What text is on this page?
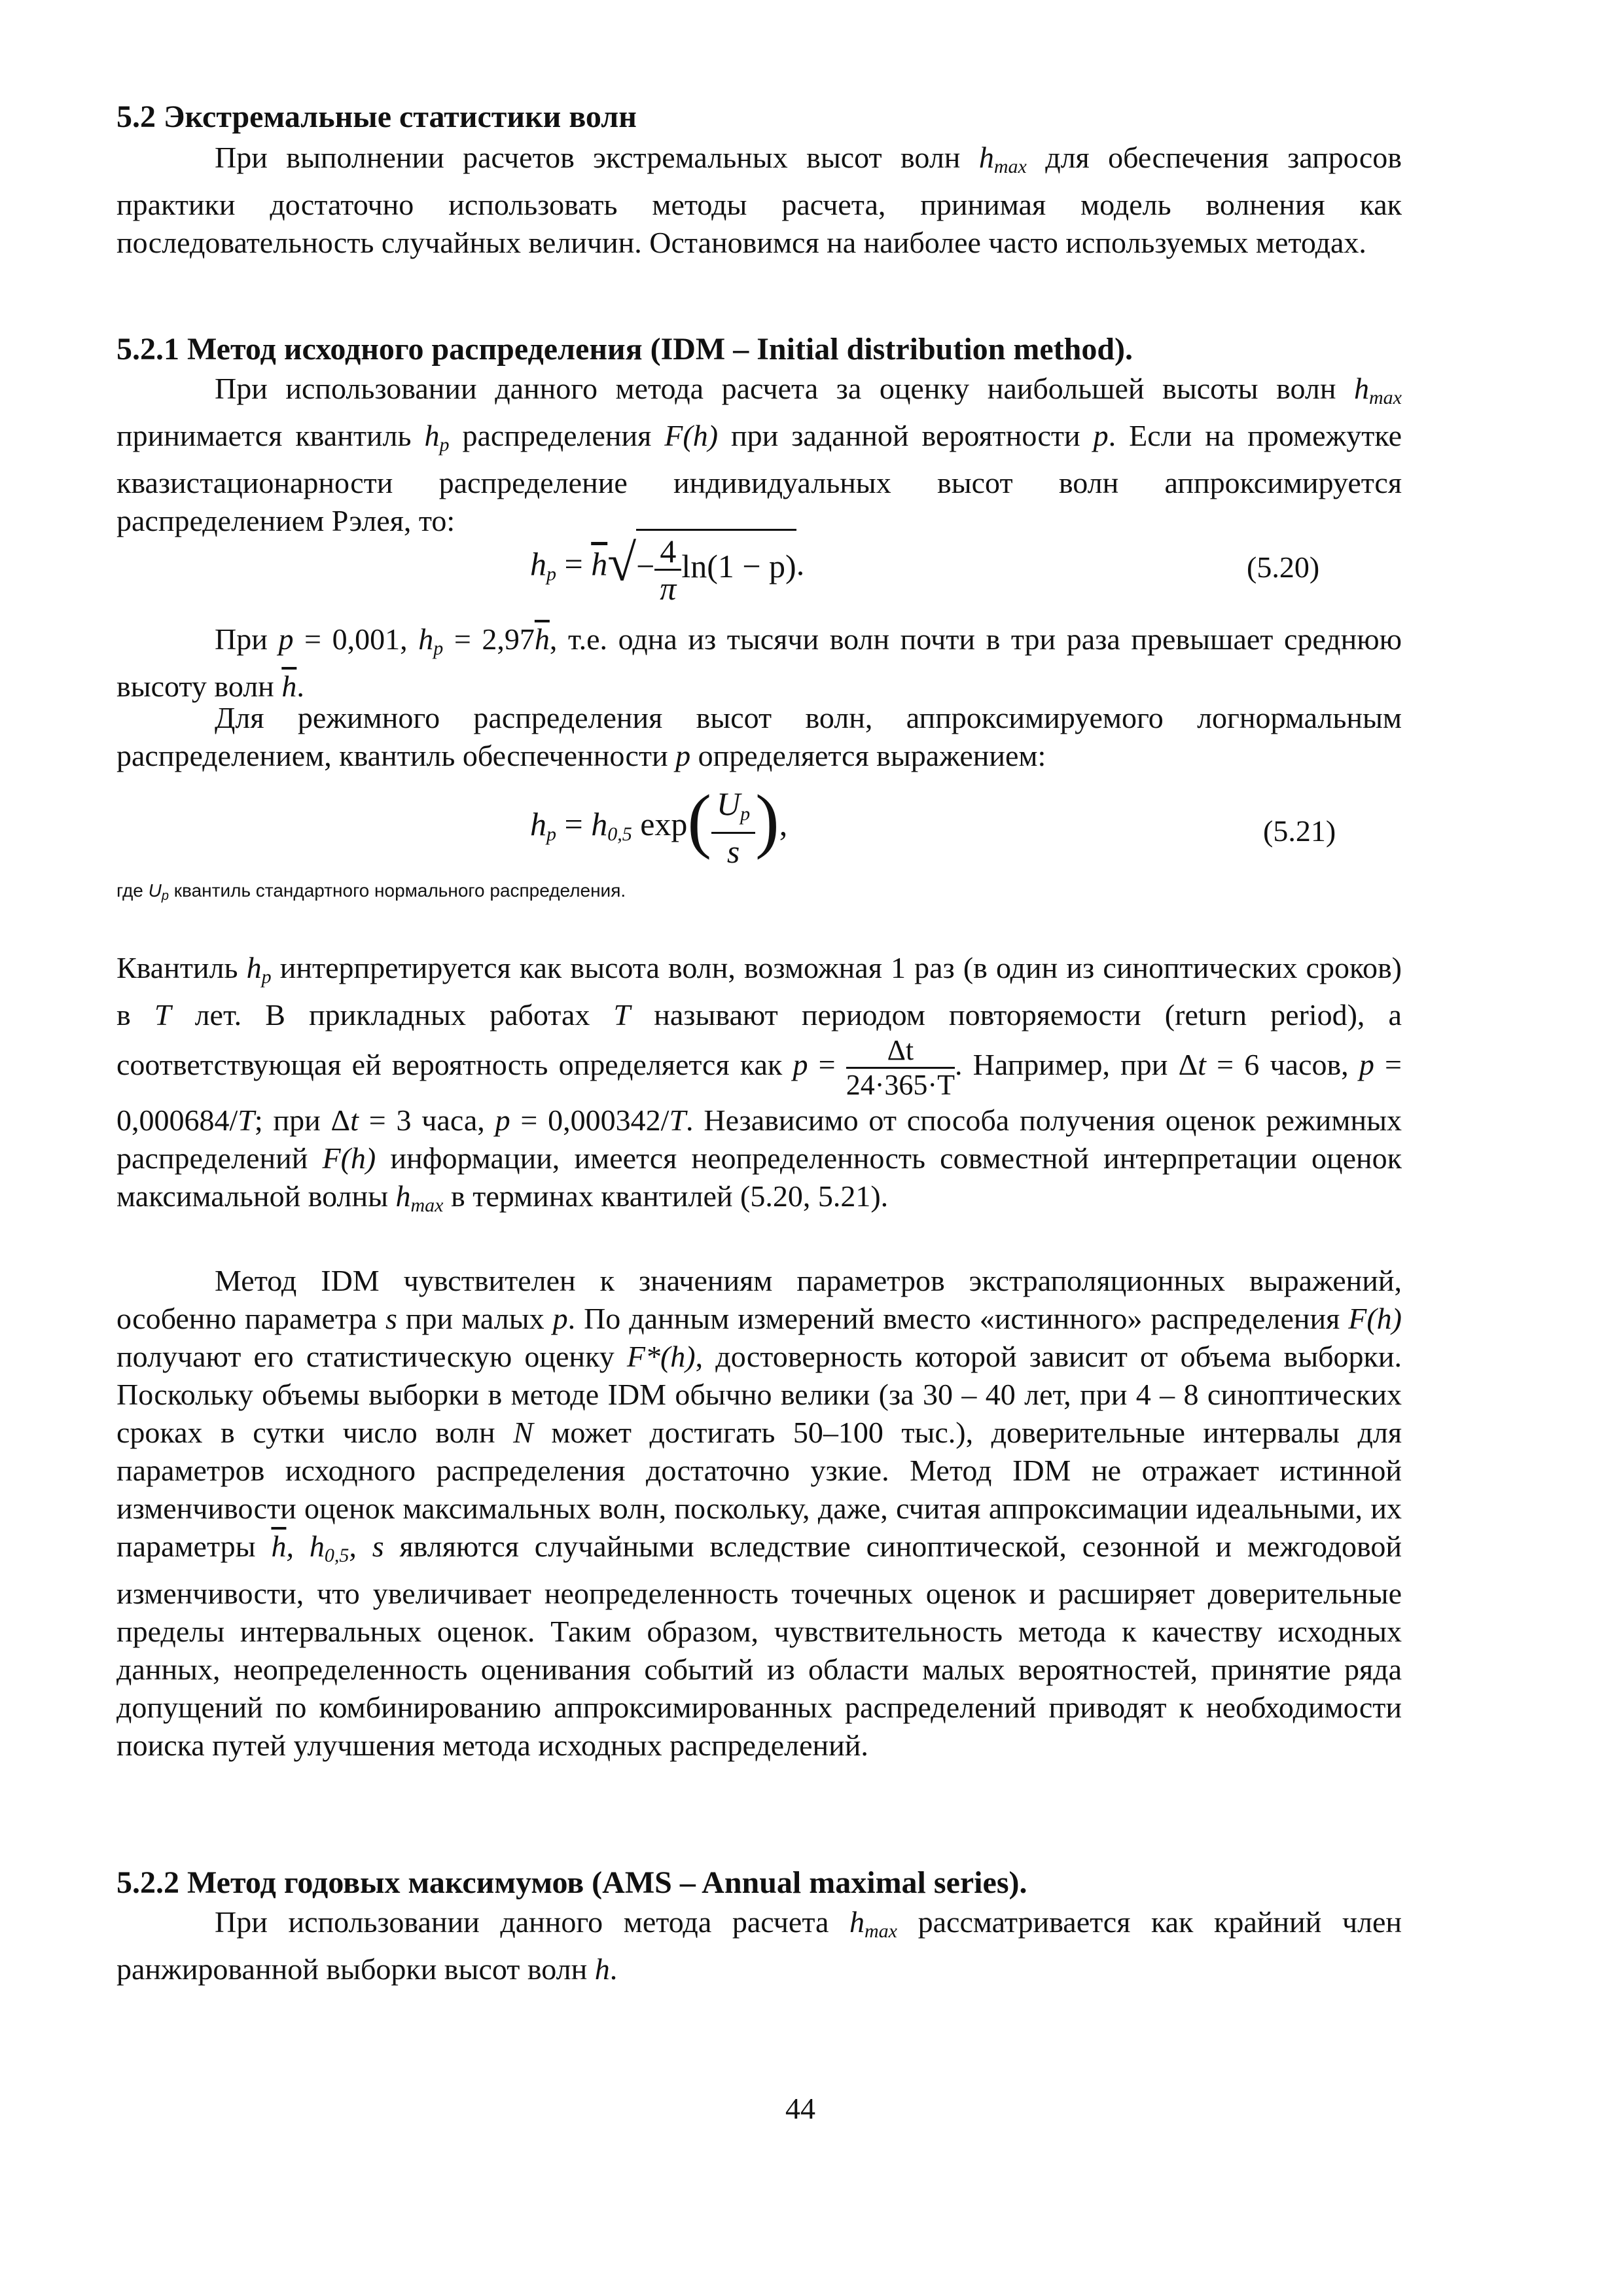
5.2 Экстремальные статистики волн
При выполнении расчетов экстремальных высот волн $h_{max}$ для обеспечения запросов практики достаточно использовать методы расчета, принимая модель волнения как последовательность случайных величин. Остановимся на наиболее часто используемых методах.
5.2.1 Метод исходного распределения (IDM – Initial distribution method).
При использовании данного метода расчета за оценку наибольшей высоты волн $h_{max}$ принимается квантиль $h_p$ распределения F(h) при заданной вероятности p. Если на промежутке квазистационарности распределение индивидуальных высот волн аппроксимируется распределением Рэлея, то:
$h_p = \overline{h}√- \frac{4}{\pi} \ln(1 - p)$.	(5.20)
При p = 0,001, $h_p = 2,97\overline{h}$, т.е. одна из тысячи волн почти в три раза превышает среднюю высоту волн $\overline{h}$.
Для режимного распределения высот волн, аппроксимируемого логнормальным распределением, квантиль обеспеченности p определяется выражением:
$h_p = h_{0,5}$ $\exp( \frac{U_p}{s}$ ),	(5.21)
где $U_p$ квантиль стандартного нормального распределения.
Квантиль $h_p$ интерпретируется как высота волн, возможная 1 раз (в один из синоптических сроков) в T лет. В прикладных работах T называют периодом повторяемости (return period), а соответствующая ей вероятность определяется как $p = \frac{\Delta t}{24\cdot 365\cdot T}$ . Например, при Δt = 6 часов, p = 0,000684/T; при Δt = 3 часа, p = 0,000342/T. Независимо от способа получения оценок режимных распределений F(h) информации, имеется неопределенность совместной интерпретации оценок максимальной волны $h_{max}$ в терминах квантилей (5.20, 5.21).
Метод IDM чувствителен к значениям параметров экстраполяционных выражений, особенно параметра s при малых p. По данным измерений вместо «истинного» распределения F(h) получают его статистическую оценку F*(h), достоверность которой зависит от объема выборки. Поскольку объемы выборки в методе IDM обычно велики (за 30 – 40 лет, при 4 – 8 синоптических сроках в сутки число волн N может достигать 50–100 тыс.), доверительные интервалы для параметров исходного распределения достаточно узкие. Метод IDM не отражает истинной изменчивости оценок максимальных волн, поскольку, даже, считая аппроксимации идеальными, их параметры $\overline{h}$, $h_{0,5}$, s являются случайными вследствие синоптической, сезонной и межгодовой изменчивости, что увеличивает неопределенность точечных оценок и расширяет доверительные пределы интервальных оценок. Таким образом, чувствительность метода к качеству исходных данных, неопределенность оценивания событий из области малых вероятностей, принятие ряда допущений по комбинированию аппроксимированных распределений приводят к необходимости поиска путей улучшения метода исходных распределений.
5.2.2 Метод годовых максимумов (AMS – Annual maximal series).
При использовании данного метода расчета $h_{max}$ рассматривается как крайний член ранжированной выборки высот волн h.
44
